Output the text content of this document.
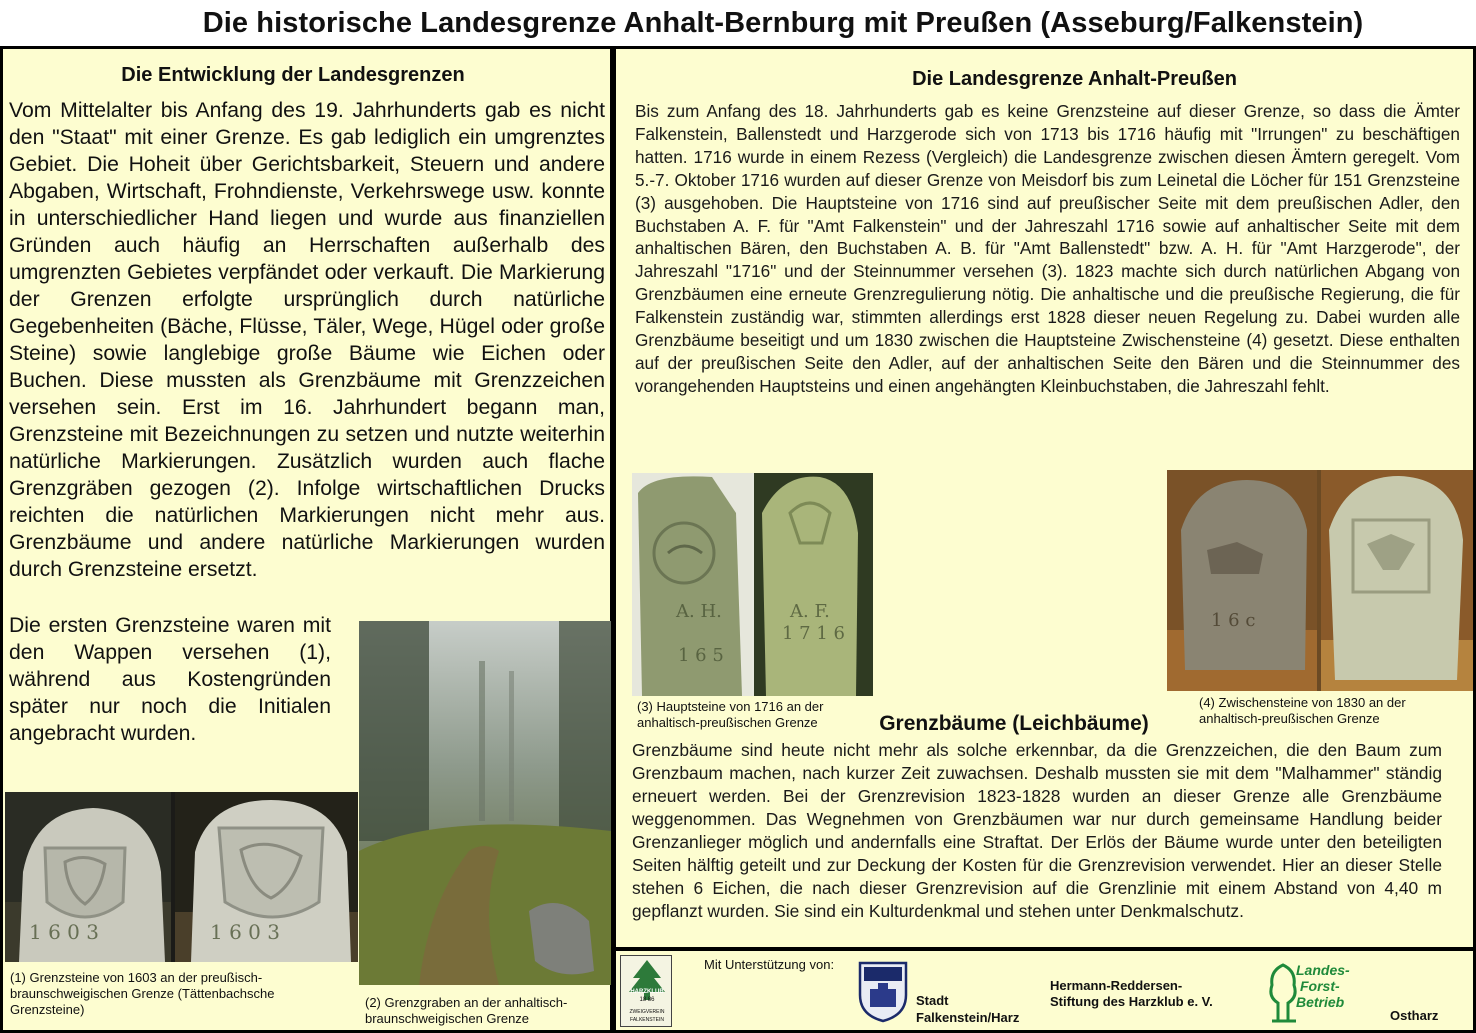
Die historische Landesgrenze Anhalt-Bernburg mit Preußen (Asseburg/Falkenstein)
Die Entwicklung der Landesgrenzen
Vom Mittelalter bis Anfang des 19. Jahrhunderts gab es nicht den "Staat" mit einer Grenze. Es gab lediglich ein umgrenztes Gebiet. Die Hoheit über Gerichtsbarkeit, Steuern und andere Abgaben, Wirtschaft, Frohndienste, Verkehrswege usw. konnte in unterschiedlicher Hand liegen und wurde aus finanziellen Gründen auch häufig an Herrschaften außerhalb des umgrenzten Gebietes verpfändet oder verkauft. Die Markierung der Grenzen erfolgte ursprünglich durch natürliche Gegebenheiten (Bäche, Flüsse, Täler, Wege, Hügel oder große Steine) sowie langlebige große Bäume wie Eichen oder Buchen. Diese mussten als Grenzbäume mit Grenzzeichen versehen sein. Erst im 16. Jahrhundert begann man, Grenzsteine mit Bezeichnungen zu setzen und nutzte weiterhin natürliche Markierungen. Zusätzlich wurden auch flache Grenzgräben gezogen (2). Infolge wirtschaftlichen Drucks reichten die natürlichen Markierungen nicht mehr aus. Grenzbäume und andere natürliche Markierungen wurden durch Grenzsteine ersetzt.
Die ersten Grenzsteine waren mit den Wappen versehen (1), während aus Kostengründen später nur noch die Initialen angebracht wurden.
1 6 0 3	1 6 0 3
(1) Grenzsteine von 1603 an der preußisch-braunschweigischen Grenze (Tättenbachsche Grenzsteine)	(2) Grenzgraben an der anhaltisch-braunschweigischen Grenze
Die Landesgrenze Anhalt-Preußen
Bis zum Anfang des 18. Jahrhunderts gab es keine Grenzsteine auf dieser Grenze, so dass die Ämter Falkenstein, Ballenstedt und Harzgerode sich von 1713 bis 1716 häufig mit "Irrungen" zu beschäftigen hatten. 1716 wurde in einem Rezess (Vergleich) die Landesgrenze zwischen diesen Ämtern geregelt. Vom 5.-7. Oktober 1716 wurden auf dieser Grenze von Meisdorf bis zum Leinetal die Löcher für 151 Grenzsteine (3) ausgehoben. Die Hauptsteine von 1716 sind auf preußischer Seite mit dem preußischen Adler, den Buchstaben A. F. für "Amt Falkenstein" und der Jahreszahl 1716 sowie auf anhaltischer Seite mit dem anhaltischen Bären, den Buchstaben A. B. für "Amt Ballenstedt" bzw. A. H. für "Amt Harzgerode", der Jahreszahl "1716" und der Steinnummer versehen (3). 1823 machte sich durch natürlichen Abgang von Grenzbäumen eine erneute Grenzregulierung nötig. Die anhaltische und die preußische Regierung, die für Falkenstein zuständig war, stimmten allerdings erst 1828 dieser neuen Regelung zu. Dabei wurden alle Grenzbäume beseitigt und um 1830 zwischen die Hauptsteine Zwischensteine (4) gesetzt. Diese enthalten auf der preußischen Seite den Adler, auf der anhaltischen Seite den Bären und die Steinnummer des vorangehenden Hauptsteins und einen angehängten Kleinbuchstaben, die Jahreszahl fehlt.
A. H.
1 6 5
A. F.
1 7 1 6
(3) Hauptsteine von 1716 an der anhaltisch-preußischen Grenze
1 6 c
(4) Zwischensteine von 1830 an der anhaltisch-preußischen Grenze
Grenzbäume (Leichbäume)
Grenzbäume sind heute nicht mehr als solche erkennbar, da die Grenzzeichen, die den Baum zum Grenzbaum machen, nach kurzer Zeit zuwachsen. Deshalb mussten sie mit dem "Malhammer" ständig erneuert werden. Bei der Grenzrevision 1823-1828 wurden an dieser Grenze alle Grenzbäume weggenommen. Das Wegnehmen von Grenzbäumen war nur durch gemeinsame Handlung beider Grenzanlieger möglich und andernfalls eine Straftat. Der Erlös der Bäume wurde unter den beteiligten Seiten hälftig geteilt und zur Deckung der Kosten für die Grenzrevision verwendet. Hier an dieser Stelle stehen 6 Eichen, die nach dieser Grenzrevision auf die Grenzlinie mit einem Abstand von 4,40 m gepflanzt wurden. Sie sind ein Kulturdenkmal und stehen unter Denkmalschutz.
HARZKLUB
18 86
ZWEIGVEREIN
FALKENSTEIN
Mit Unterstützung von:
Stadt
Falkenstein/Harz
Hermann-Reddersen-
Stiftung des Harzklub e. V.
Landes-
Forst-
Betrieb
Ostharz
